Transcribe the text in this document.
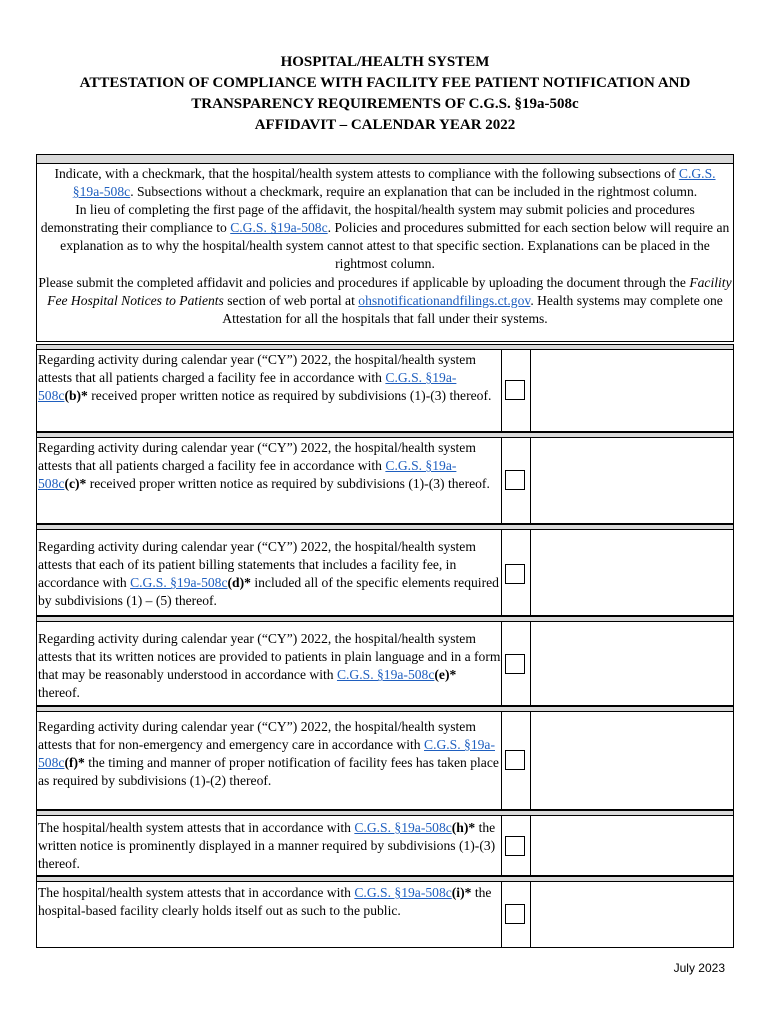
HOSPITAL/HEALTH SYSTEM
ATTESTATION OF COMPLIANCE WITH FACILITY FEE PATIENT NOTIFICATION AND
TRANSPARENCY REQUIREMENTS OF C.G.S. §19a-508c
AFFIDAVIT – CALENDAR YEAR 2022

Indicate, with a checkmark, that the hospital/health system attests to compliance with the following subsections of C.G.S. §19a-508c. Subsections without a checkmark, require an explanation that can be included in the rightmost column.

In lieu of completing the first page of the affidavit, the hospital/health system may submit policies and procedures demonstrating their compliance to C.G.S. §19a-508c. Policies and procedures submitted for each section below will require an explanation as to why the hospital/health system cannot attest to that specific section. Explanations can be placed in the rightmost column.

Please submit the completed affidavit and policies and procedures if applicable by uploading the document through the Facility Fee Hospital Notices to Patients section of web portal at ohsnotificationandfilings.ct.gov. Health systems may complete one Attestation for all the hospitals that fall under their systems.

Regarding activity during calendar year (“CY”) 2022, the hospital/health system attests that all patients charged a facility fee in accordance with C.G.S. §19a-508c(b)* received proper written notice as required by subdivisions (1)-(3) thereof.
Regarding activity during calendar year (“CY”) 2022, the hospital/health system attests that all patients charged a facility fee in accordance with C.G.S. §19a-508c(c)* received proper written notice as required by subdivisions (1)-(3) thereof.
Regarding activity during calendar year (“CY”) 2022, the hospital/health system attests that each of its patient billing statements that includes a facility fee, in accordance with C.G.S. §19a-508c(d)* included all of the specific elements required by subdivisions (1) – (5) thereof.
Regarding activity during calendar year (“CY”) 2022, the hospital/health system attests that its written notices are provided to patients in plain language and in a form that may be reasonably understood in accordance with C.G.S. §19a-508c(e)* thereof.
Regarding activity during calendar year (“CY”) 2022, the hospital/health system attests that for non-emergency and emergency care in accordance with C.G.S. §19a-508c(f)* the timing and manner of proper notification of facility fees has taken place as required by subdivisions (1)-(2) thereof.
The hospital/health system attests that in accordance with C.G.S. §19a-508c(h)* the written notice is prominently displayed in a manner required by subdivisions (1)-(3) thereof.
The hospital/health system attests that in accordance with C.G.S. §19a-508c(i)* the hospital-based facility clearly holds itself out as such to the public.
July 2023
